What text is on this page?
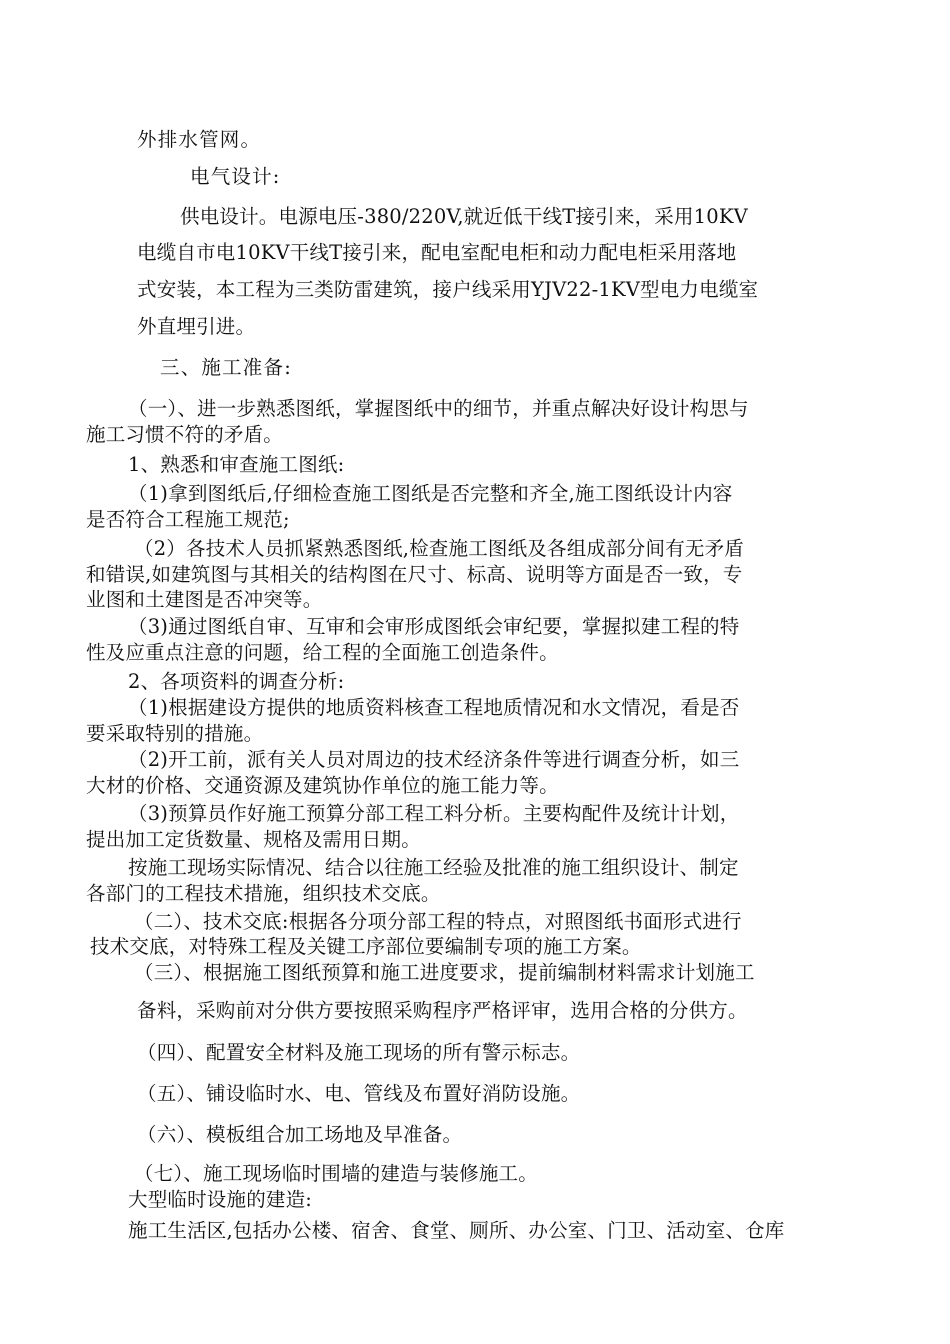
外排水管网。

电气设计:

供电设计。电源电压-380/220V,就近低干线T接引来，采用10KV

电缆自市电10KV干线T接引来，配电室配电柜和动力配电柜采用落地

式安装，本工程为三类防雷建筑，接户线采用YJV22-1KV型电力电缆室

外直埋引进。

三、施工准备:

（一）、进一步熟悉图纸，掌握图纸中的细节，并重点解决好设计构思与

施工习惯不符的矛盾。

1、熟悉和审查施工图纸:

（1)拿到图纸后,仔细检查施工图纸是否完整和齐全,施工图纸设计内容

是否符合工程施工规范;

（2）各技术人员抓紧熟悉图纸,检查施工图纸及各组成部分间有无矛盾

和错误,如建筑图与其相关的结构图在尺寸、标高、说明等方面是否一致，专

业图和土建图是否冲突等。

（3)通过图纸自审、互审和会审形成图纸会审纪要，掌握拟建工程的特

性及应重点注意的问题，给工程的全面施工创造条件。

2、各项资料的调查分析:

（1)根据建设方提供的地质资料核查工程地质情况和水文情况，看是否

要采取特别的措施。

（2)开工前，派有关人员对周边的技术经济条件等进行调查分析，如三

大材的价格、交通资源及建筑协作单位的施工能力等。

（3)预算员作好施工预算分部工程工料分析。主要构配件及统计计划，

提出加工定货数量、规格及需用日期。

按施工现场实际情况、结合以往施工经验及批准的施工组织设计、制定

各部门的工程技术措施，组织技术交底。

（二）、技术交底:根据各分项分部工程的特点，对照图纸书面形式进行

技术交底，对特殊工程及关键工序部位要编制专项的施工方案。

（三）、根据施工图纸预算和施工进度要求，提前编制材料需求计划施工

备料，采购前对分供方要按照采购程序严格评审，选用合格的分供方。

（四）、配置安全材料及施工现场的所有警示标志。

（五）、铺设临时水、电、管线及布置好消防设施。

（六）、模板组合加工场地及早准备。

（七）、施工现场临时围墙的建造与装修施工。

大型临时设施的建造:

施工生活区,包括办公楼、宿舍、食堂、厕所、办公室、门卫、活动室、仓库
